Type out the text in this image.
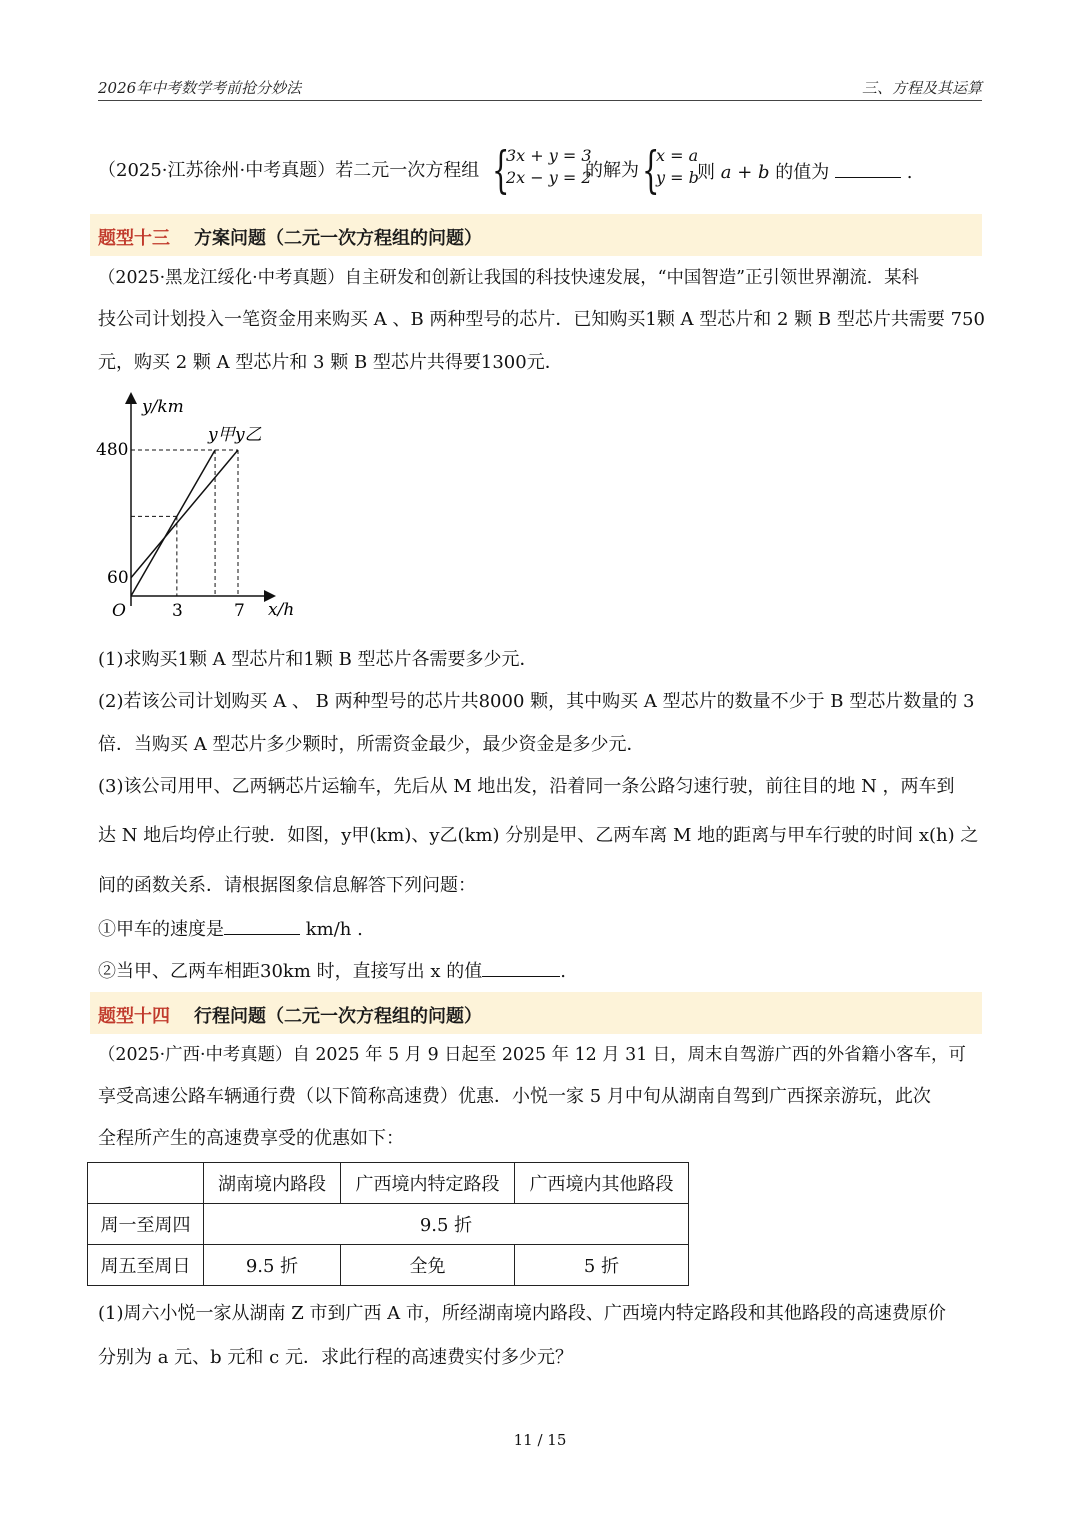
2026年中考数学考前抢分妙法	三、方程及其运算
（2025·江苏徐州·中考真题）若二元一次方程组 {
3x + y = 3
2x − y = 2
的解为 {
x = a
y = b
则 a + b 的值为	.
题型十三 方案问题（二元一次方程组的问题）
（2025·黑龙江绥化·中考真题）自主研发和创新让我国的科技快速发展，“中国智造”正引领世界潮流．某科
技公司计划投入一笔资金用来购买 A 、B 两种型号的芯片．已知购买1颗 A 型芯片和 2 颗 B 型芯片共需要 750
元，购买 2 颗 A 型芯片和 3 颗 B 型芯片共得要1300元．
y/km
x/h
O
480
60
3	7
y甲 y乙
(1)求购买1颗 A 型芯片和1颗 B 型芯片各需要多少元．
(2)若该公司计划购买 A 、 B 两种型号的芯片共8000 颗，其中购买 A 型芯片的数量不少于 B 型芯片数量的 3
倍．当购买 A 型芯片多少颗时，所需资金最少，最少资金是多少元．
(3)该公司用甲、乙两辆芯片运输车，先后从 M 地出发，沿着同一条公路匀速行驶，前往目的地 N ，两车到
达 N 地后均停止行驶．如图，y甲(km)、y乙(km) 分别是甲、乙两车离 M 地的距离与甲车行驶的时间 x(h) 之
间的函数关系．请根据图象信息解答下列问题：
①甲车的速度是	km/h .
②当甲、乙两车相距30km 时，直接写出 x 的值	.
题型十四 行程问题（二元一次方程组的问题）
（2025·广西·中考真题）自 2025 年 5 月 9 日起至 2025 年 12 月 31 日，周末自驾游广西的外省籍小客车，可
享受高速公路车辆通行费（以下简称高速费）优惠．小悦一家 5 月中旬从湖南自驾到广西探亲游玩，此次
全程所产生的高速费享受的优惠如下：
	湖南境内路段	广西境内特定路段	广西境内其他路段
周一至周四	9.5 折		
周五至周日	9.5 折	全免	5 折
(1)周六小悦一家从湖南 Z 市到广西 A 市，所经湖南境内路段、广西境内特定路段和其他路段的高速费原价
分别为 a 元、b 元和 c 元．求此行程的高速费实付多少元？
11 / 15
